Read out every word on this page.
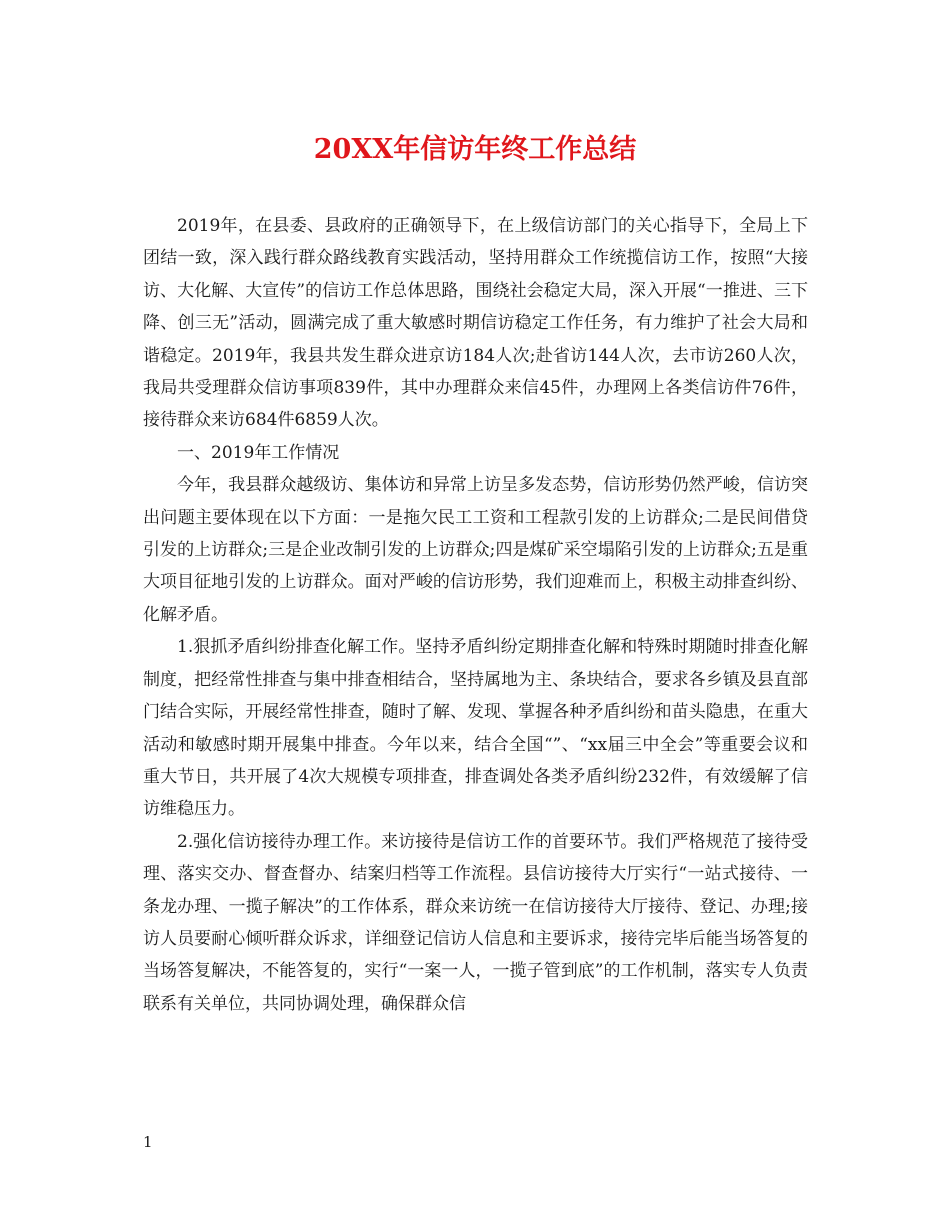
20XX年信访年终工作总结

2019年，在县委、县政府的正确领导下，在上级信访部门的关心指导下，全局上下团结一致，深入践行群众路线教育实践活动，坚持用群众工作统揽信访工作，按照“大接访、大化解、大宣传”的信访工作总体思路，围绕社会稳定大局，深入开展“一推进、三下降、创三无”活动，圆满完成了重大敏感时期信访稳定工作任务，有力维护了社会大局和谐稳定。2019年，我县共发生群众进京访184人次;赴省访144人次，去市访260人次，我局共受理群众信访事项839件，其中办理群众来信45件，办理网上各类信访件76件，接待群众来访684件6859人次。

一、2019年工作情况

今年，我县群众越级访、集体访和异常上访呈多发态势，信访形势仍然严峻，信访突出问题主要体现在以下方面：一是拖欠民工工资和工程款引发的上访群众;二是民间借贷引发的上访群众;三是企业改制引发的上访群众;四是煤矿采空塌陷引发的上访群众;五是重大项目征地引发的上访群众。面对严峻的信访形势，我们迎难而上，积极主动排查纠纷、化解矛盾。

1.狠抓矛盾纠纷排查化解工作。坚持矛盾纠纷定期排查化解和特殊时期随时排查化解制度，把经常性排查与集中排查相结合，坚持属地为主、条块结合，要求各乡镇及县直部门结合实际，开展经常性排查，随时了解、发现、掌握各种矛盾纠纷和苗头隐患，在重大活动和敏感时期开展集中排查。今年以来，结合全国“”、“xx届三中全会”等重要会议和重大节日，共开展了4次大规模专项排查，排查调处各类矛盾纠纷232件，有效缓解了信访维稳压力。

2.强化信访接待办理工作。来访接待是信访工作的首要环节。我们严格规范了接待受理、落实交办、督查督办、结案归档等工作流程。县信访接待大厅实行“一站式接待、一条龙办理、一揽子解决”的工作体系，群众来访统一在信访接待大厅接待、登记、办理;接访人员要耐心倾听群众诉求，详细登记信访人信息和主要诉求，接待完毕后能当场答复的当场答复解决，不能答复的，实行“一案一人，一揽子管到底”的工作机制，落实专人负责联系有关单位，共同协调处理，确保群众信

1
